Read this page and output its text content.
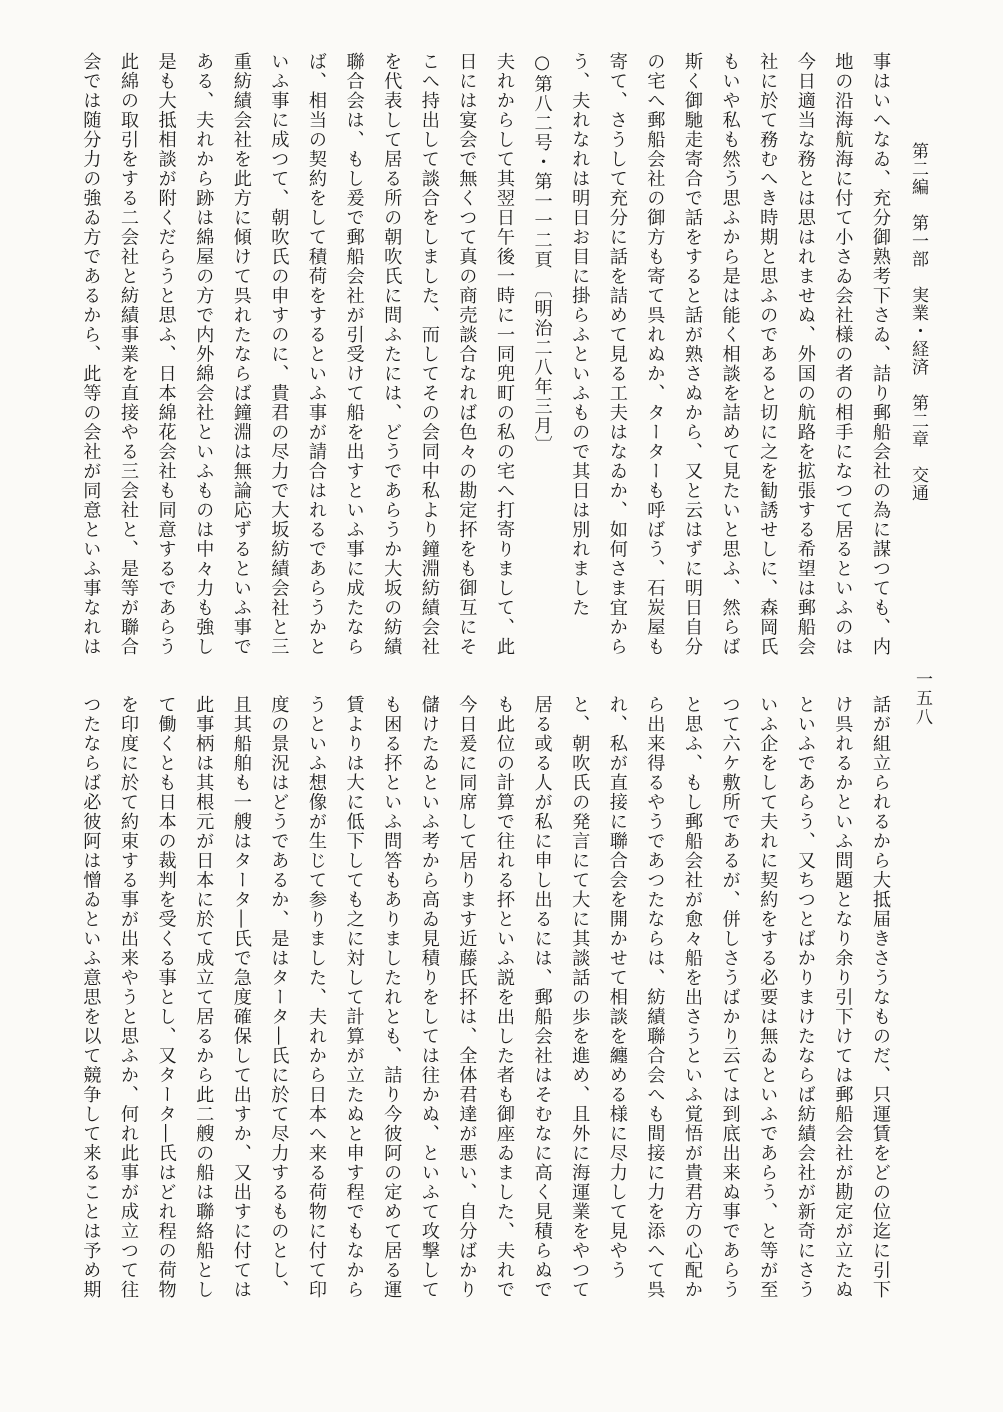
第二編　第一部　実業・経済　第二章　交通
一五八
事はいへなゐ、充分御熟考下さゐ、詰り郵船会社の為に謀つても、内
地の沿海航海に付て小さゐ会社様の者の相手になつて居るといふのは
今日適当な務とは思はれませぬ、外国の航路を拡張する希望は郵船会
社に於て務むへき時期と思ふのであると切に之を勧誘せしに、森岡氏
もいや私も然う思ふから是は能く相談を詰めて見たいと思ふ、然らば
斯く御馳走寄合で話をすると話が熟さぬから、又と云はずに明日自分
の宅へ郵船会社の御方も寄て呉れぬか、ターターも呼ばう、石炭屋も
寄て、さうして充分に話を詰めて見る工夫はなゐか、如何さま宜から
う、夫れなれは明日お目に掛らふといふもので其日は別れました
○第八二号・第一一二頁　〔明治二八年三月〕
夫れからして其翌日午後一時に一同兜町の私の宅へ打寄りまして、此
日には宴会で無くつて真の商売談合なれば色々の勘定抔をも御互にそ
こへ持出して談合をしました、而してその会同中私より鐘淵紡績会社
を代表して居る所の朝吹氏に問ふたには、どうであらうか大坂の紡績
聯合会は、もし爰で郵船会社が引受けて船を出すといふ事に成たなら
ば、相当の契約をして積荷をするといふ事が請合はれるであらうかと
いふ事に成つて、朝吹氏の申すのに、貴君の尽力で大坂紡績会社と三
重紡績会社を此方に傾けて呉れたならば鐘淵は無論応ずるといふ事で
ある、夫れから跡は綿屋の方で内外綿会社といふものは中々力も強し
是も大抵相談が附くだらうと思ふ、日本綿花会社も同意するであらう
此綿の取引をする二会社と紡績事業を直接やる三会社と、是等が聯合
会では随分力の強ゐ方であるから、此等の会社が同意といふ事なれは
話が組立られるから大抵届きさうなものだ、只運賃をどの位迄に引下
け呉れるかといふ問題となり余り引下けては郵船会社が勘定が立たぬ
といふであらう、又ちつとばかりまけたならば紡績会社が新奇にさう
いふ企をして夫れに契約をする必要は無ゐといふであらう、と等が至
つて六ケ敷所であるが、併しさうばかり云ては到底出来ぬ事であらう
と思ふ、もし郵船会社が愈々船を出さうといふ覚悟が貴君方の心配か
ら出来得るやうであつたならは、紡績聯合会へも間接に力を添へて呉
れ、私が直接に聯合会を開かせて相談を纏める様に尽力して見やう
と、朝吹氏の発言にて大に其談話の歩を進め、且外に海運業をやつて
居る或る人が私に申し出るには、郵船会社はそむなに高く見積らぬで
も此位の計算で往れる抔といふ説を出した者も御座ゐました、夫れで
今日爰に同席して居ります近藤氏抔は、全体君達が悪い、自分ばかり
儲けたゐといふ考から高ゐ見積りをしては往かぬ、といふて攻撃して
も困る抔といふ問答もありましたれとも、詰り今彼阿の定めて居る運
賃よりは大に低下しても之に対して計算が立たぬと申す程でもなから
うといふ想像が生じて参りました、夫れから日本へ来る荷物に付て印
度の景況はどうであるか、是はタータ―氏に於て尽力するものとし、
且其船舶も一艘はタータ―氏で急度確保して出すか、又出すに付ては
此事柄は其根元が日本に於て成立て居るから此二艘の船は聯絡船とし
て働くとも日本の裁判を受くる事とし、又タータ―氏はどれ程の荷物
を印度に於て約束する事が出来やうと思ふか、何れ此事が成立つて往
つたならば必彼阿は憎ゐといふ意思を以て競争して来ることは予め期
